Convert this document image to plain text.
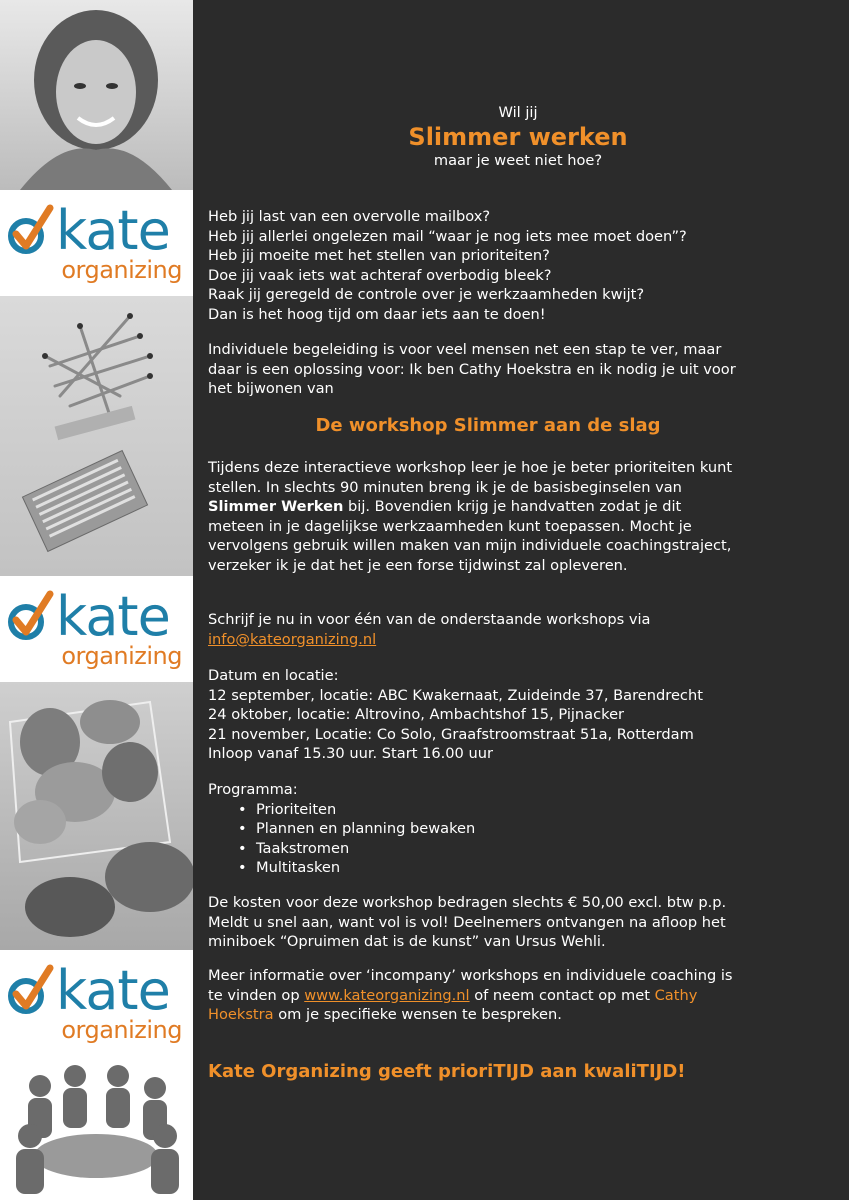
kate
organizing
kate
organizing
kate
organizing
Wil jij
Slimmer werken
maar je weet niet hoe?

Heb jij last van een overvolle mailbox?

Heb jij allerlei ongelezen mail “waar je nog iets mee moet doen”?

Heb jij moeite met het stellen van prioriteiten?

Doe jij vaak iets wat achteraf overbodig bleek?

Raak jij geregeld de controle over je werkzaamheden kwijt?

Dan is het hoog tijd om daar iets aan te doen!

Individuele begeleiding is voor veel mensen net een stap te ver, maar daar is een oplossing voor: Ik ben Cathy Hoekstra en ik nodig je uit voor het bijwonen van
De workshop Slimmer aan de slag
Tijdens deze interactieve workshop leer je hoe je beter prioriteiten kunt stellen. In slechts 90 minuten breng ik je de basisbeginselen van Slimmer Werken bij. Bovendien krijg je handvatten zodat je dit meteen in je dagelijkse werkzaamheden kunt toepassen. Mocht je vervolgens gebruik willen maken van mijn individuele coachingstraject, verzeker ik je dat het je een forse tijdwinst zal opleveren.

Schrijf je nu in voor één van de onderstaande workshops via

info@kateorganizing.nl

Datum en locatie:

12 september, locatie: ABC Kwakernaat, Zuideinde 37, Barendrecht

24 oktober, locatie: Altrovino, Ambachtshof 15, Pijnacker

21 november, Locatie: Co Solo, Graafstroomstraat 51a, Rotterdam

Inloop vanaf 15.30 uur. Start 16.00 uur

Programma:

• Prioriteiten
• Plannen en planning bewaken
• Taakstromen
• Multitasken
De kosten voor deze workshop bedragen slechts € 50,00 excl. btw p.p. Meldt u snel aan, want vol is vol! Deelnemers ontvangen na afloop het miniboek “Opruimen dat is de kunst” van Ursus Wehli.
Meer informatie over ‘incompany’ workshops en individuele coaching is te vinden op www.kateorganizing.nl of neem contact op met Cathy Hoekstra om je specifieke wensen te bespreken.
Kate Organizing geeft prioriTIJD aan kwaliTIJD!
